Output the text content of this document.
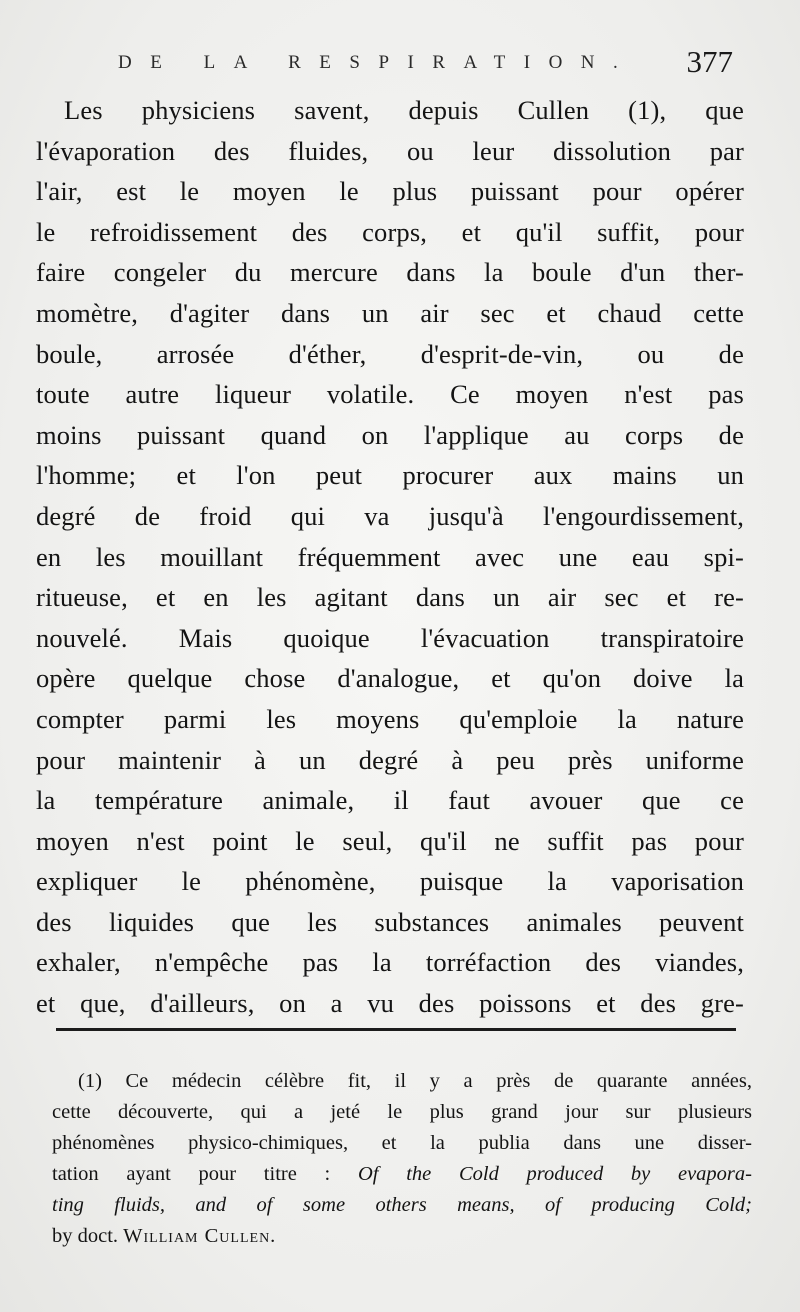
DE LA RESPIRATION. 377
Les physiciens savent, depuis Cullen (1), que
l'évaporation des fluides, ou leur dissolution par
l'air, est le moyen le plus puissant pour opérer
le refroidissement des corps, et qu'il suffit, pour
faire congeler du mercure dans la boule d'un ther-
momètre, d'agiter dans un air sec et chaud cette
boule, arrosée d'éther, d'esprit-de-vin, ou de
toute autre liqueur volatile. Ce moyen n'est pas
moins puissant quand on l'applique au corps de
l'homme; et l'on peut procurer aux mains un
degré de froid qui va jusqu'à l'engourdissement,
en les mouillant fréquemment avec une eau spi-
ritueuse, et en les agitant dans un air sec et re-
nouvelé. Mais quoique l'évacuation transpiratoire
opère quelque chose d'analogue, et qu'on doive la
compter parmi les moyens qu'emploie la nature
pour maintenir à un degré à peu près uniforme
la température animale, il faut avouer que ce
moyen n'est point le seul, qu'il ne suffit pas pour
expliquer le phénomène, puisque la vaporisation
des liquides que les substances animales peuvent
exhaler, n'empêche pas la torréfaction des viandes,
et que, d'ailleurs, on a vu des poissons et des gre-
(1) Ce médecin célèbre fit, il y a près de quarante années,
cette découverte, qui a jeté le plus grand jour sur plusieurs
phénomènes physico-chimiques, et la publia dans une disser-
tation ayant pour titre : Of the Cold produced by evapora-
ting fluids, and of some others means, of producing Cold;
by doct. William Cullen.
